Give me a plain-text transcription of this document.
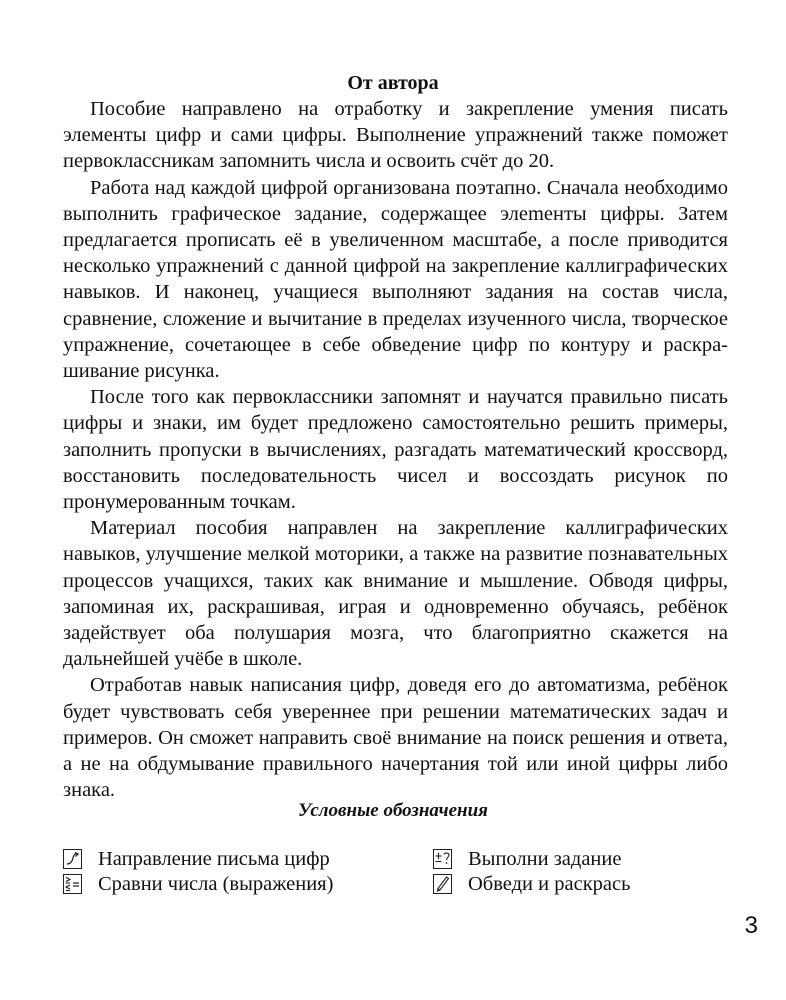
От автора

Пособие направлено на отработку и закрепление умения писать элементы цифр и сами цифры. Выполнение упражнений также поможет первоклассникам запомнить числа и освоить счёт до 20.

Работа над каждой цифрой организована поэтапно. Сначала необходимо выполнить графическое задание, содержащее элеmенты цифры. Затем предлагается прописать её в увеличенном масштабе, а после приводится несколько упражнений с данной цифрой на закрепление каллиграфических навыков. И наконец, учащиеся выполняют задания на состав числа, сравнение, сложение и вычитание в пределах изученного числа, творческое упражнение, сочетающее в себе обведение цифр по контуру и раскрашивание рисунка.

После того как первоклассники запомнят и научатся правильно писать цифры и знаки, им будет предложено самостоятельно решить примеры, заполнить пропуски в вычислениях, разгадать математический кроссворд, восстановить последовательность чисел и воссоздать рисунок по пронумерованным точкам.

Материал пособия направлен на закрепление каллиграфических навыков, улучшение мелкой моторики, а также на развитие познавательных процессов учащихся, таких как внимание и мышление. Обводя цифры, запоминая их, раскрашивая, играя и одновременно обучаясь, ребёнок задействует оба полушария мозга, что благоприятно скажется на дальнейшей учёбе в школе.

Отработав навык написания цифр, доведя его до автоматизма, ребёнок будет чувствовать себя увереннее при решении математических задач и примеров. Он сможет направить своё внимание на поиск решения и ответа, а не на обдумывание правильного начертания той или иной цифры либо знака.

Условные обозначения
Направление письма цифр
Сравни числа (выражения)
Выполни задание
Обведи и раскрась
3
